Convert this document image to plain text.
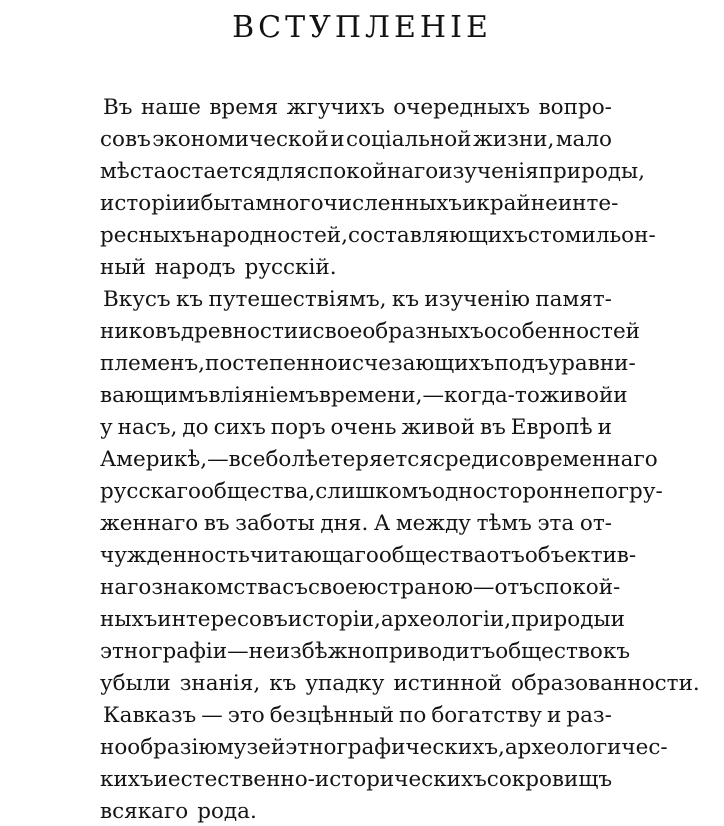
ВСТУПЛЕНІЕ
Въ наше время жгучихъ очередныхъ вопро-
совъ экономической и соціальной жизни, мало
мѣста остается для спокойнаго изученія природы,
исторіи и быта многочисленныхъ и крайне инте-
ресныхъ народностей, составляющихъ стомильон-
ный народъ русскій.
Вкусъ къ путешествіямъ, къ изученію памят-
никовъ древности и своеобразныхъ особенностей
племенъ, постепенно исчезающихъ подъ уравни-
вающимъ вліяніемъ времени, — когда-то живой и
у насъ, до сихъ поръ очень живой въ Европѣ и
Америкѣ, — все болѣе теряется среди современнаго
русскаго общества, слишкомъ односторонне погру-
женнаго въ заботы дня. А между тѣмъ эта от-
чужденность читающаго общества отъ объектив-
наго знакомства съ своею страною — отъ спокой-
ныхъ интересовъ исторіи, археологіи, природы и
этнографіи — неизбѣжно приводитъ общество къ
убыли знанія, къ упадку истинной образованности.
Кавказъ — это безцѣнный по богатству и раз-
нообразію музей этнографическихъ, археологичес-
кихъ и естественно-историческихъ сокровищъ
всякаго рода.
